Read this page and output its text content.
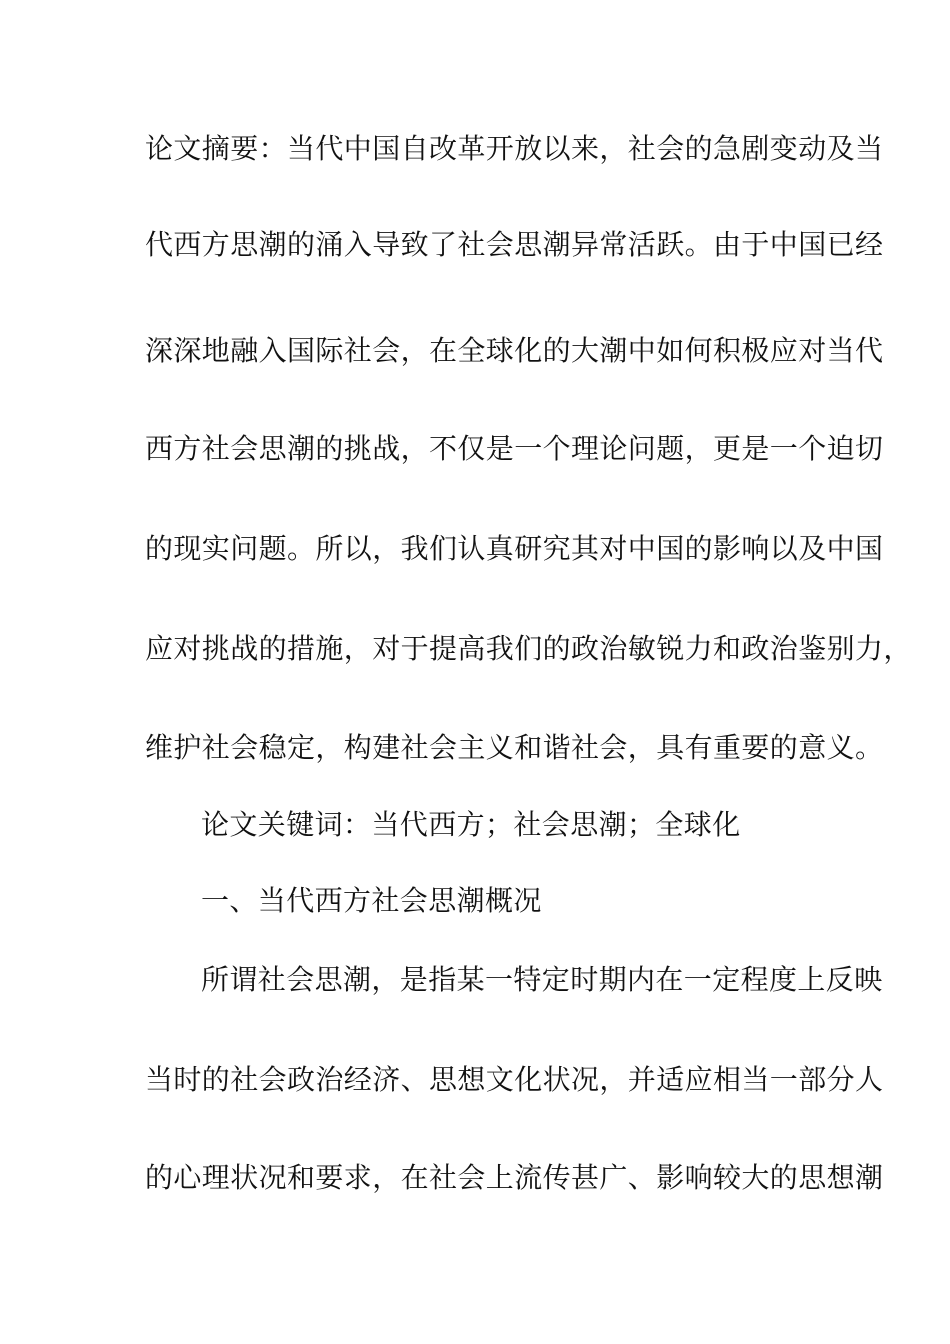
论文摘要：当代中国自改革开放以来，社会的急剧变动及当
代西方思潮的涌入导致了社会思潮异常活跃。由于中国已经
深深地融入国际社会，在全球化的大潮中如何积极应对当代
西方社会思潮的挑战，不仅是一个理论问题，更是一个迫切
的现实问题。所以，我们认真研究其对中国的影响以及中国
应对挑战的措施，对于提高我们的政治敏锐力和政治鉴别力，
维护社会稳定，构建社会主义和谐社会，具有重要的意义。
论文关键词：当代西方；社会思潮；全球化
一、当代西方社会思潮概况
所谓社会思潮，是指某一特定时期内在一定程度上反映
当时的社会政治经济、思想文化状况，并适应相当一部分人
的心理状况和要求，在社会上流传甚广、影响较大的思想潮
